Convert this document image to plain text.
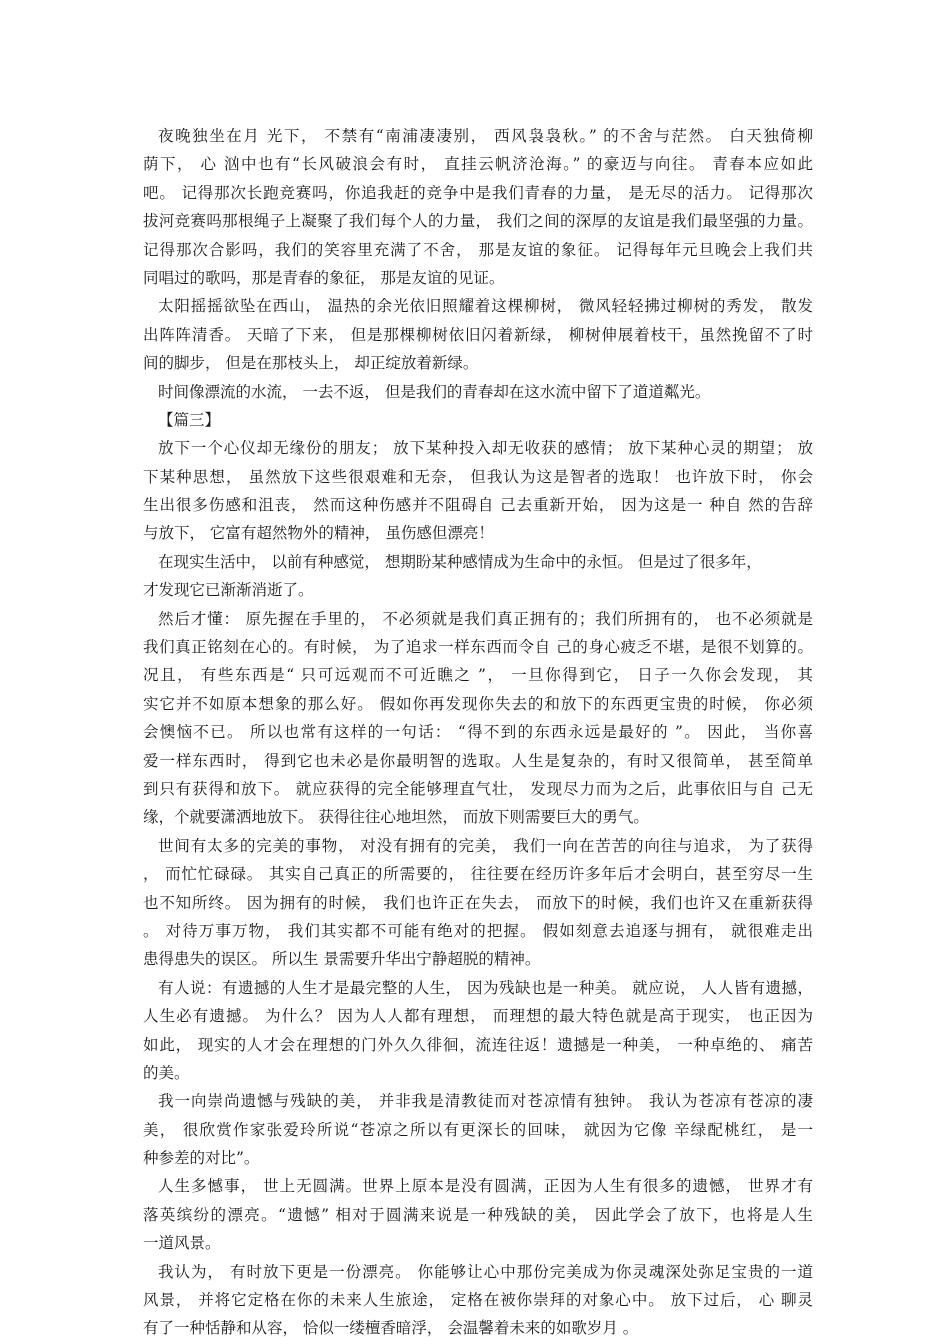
夜晚独坐在月 光下， 不禁有“南浦凄凄别， 西风袅袅秋。” 的不舍与茫然。 白天独倚柳
荫下， 心 汹中也有“长风破浪会有时， 直挂云帆济沧海。” 的豪迈与向往。 青春本应如此
吧。 记得那次长跑竞赛吗，你追我赶的竞争中是我们青春的力量， 是无尽的活力。 记得那次
拔河竞赛吗那根绳子上凝聚了我们每个人的力量， 我们之间的深厚的友谊是我们最坚强的力量。
记得那次合影吗，我们的笑容里充满了不舍， 那是友谊的象征。 记得每年元旦晚会上我们共
同唱过的歌吗，那是青春的象征， 那是友谊的见证。
太阳摇摇欲坠在西山， 温热的余光依旧照耀着这棵柳树， 微风轻轻拂过柳树的秀发， 散发
出阵阵清香。 天暗了下来， 但是那棵柳树依旧闪着新绿， 柳树伸展着枝干，虽然挽留不了时
间的脚步， 但是在那枝头上， 却正绽放着新绿。
时间像漂流的水流， 一去不返， 但是我们的青春却在这水流中留下了道道粼光。
【篇三】
放下一个心仪却无缘份的朋友； 放下某种投入却无收获的感情； 放下某种心灵的期望； 放
下某种思想， 虽然放下这些很艰难和无奈， 但我认为这是智者的选取！ 也许放下时， 你会
生出很多伤感和沮丧， 然而这种伤感并不阻碍自 己去重新开始， 因为这是一 种自 然的告辞
与放下， 它富有超然物外的精神， 虽伤感但漂亮！
在现实生活中， 以前有种感觉， 想期盼某种感情成为生命中的永恒。 但是过了很多年，
才发现它已渐渐消逝了。
然后才懂： 原先握在手里的， 不必须就是我们真正拥有的；我们所拥有的， 也不必须就是
我们真正铭刻在心的。有时候， 为了追求一样东西而令自 己的身心疲乏不堪，是很不划算的。
况且， 有些东西是“ 只可远观而不可近瞧之 ”， 一旦你得到它， 日子一久你会发现， 其
实它并不如原本想象的那么好。 假如你再发现你失去的和放下的东西更宝贵的时候， 你必须
会懊恼不已。 所以也常有这样的一句话： “得不到的东西永远是最好的 ”。 因此， 当你喜
爱一样东西时， 得到它也未必是你最明智的选取。人生是复杂的，有时又很简单， 甚至简单
到只有获得和放下。 就应获得的完全能够理直气壮， 发现尽力而为之后，此事依旧与自 己无
缘，个就要潇洒地放下。 获得往往心地坦然， 而放下则需要巨大的勇气。
世间有太多的完美的事物， 对没有拥有的完美， 我们一向在苦苦的向往与追求， 为了获得
， 而忙忙碌碌。 其实自己真正的所需要的， 往往要在经历许多年后才会明白，甚至穷尽一生
也不知所终。 因为拥有的时候， 我们也许正在失去， 而放下的时候，我们也许又在重新获得
。 对待万事万物， 我们其实都不可能有绝对的把握。 假如刻意去追逐与拥有， 就很难走出
患得患失的误区。 所以生 景需要升华出宁静超脱的精神。
有人说：有遗撼的人生才是最完整的人生， 因为残缺也是一种美。 就应说， 人人皆有遗撼，
人生必有遗撼。 为什么？ 因为人人都有理想， 而理想的最大特色就是高于现实， 也正因为
如此， 现实的人才会在理想的门外久久徘徊，流连往返！遗撼是一种美， 一种卓绝的、 痛苦
的美。
我一向崇尚遗憾与残缺的美， 并非我是清教徒而对苍凉情有独钟。 我认为苍凉有苍凉的凄
美， 很欣赏作家张爱玲所说“苍凉之所以有更深长的回味， 就因为它像 辛绿配桃红， 是一
种参差的对比”。
人生多憾事， 世上无圆满。世界上原本是没有圆满，正因为人生有很多的遗憾， 世界才有
落英缤纷的漂亮。“遗憾” 相对于圆满来说是一种残缺的美， 因此学会了放下，也将是人生
一道风景。
我认为， 有时放下更是一份漂亮。 你能够让心中那份完美成为你灵魂深处弥足宝贵的一道
风景， 并将它定格在你的未来人生旅途， 定格在被你崇拜的对象心中。 放下过后， 心 聊灵
有了一种恬静和从容， 恰似一缕檀香暗浮， 会温馨着未来的如歌岁月 。
